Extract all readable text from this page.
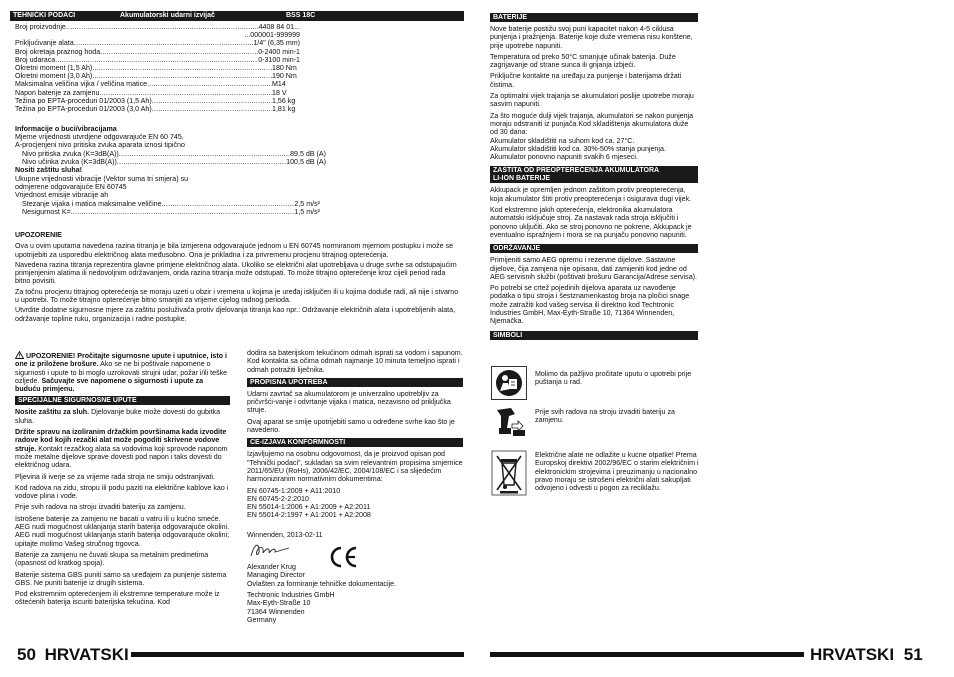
TEHNIČKI PODACI	Akumulatorski udarni izvijač	BSS 18C
Broj proizvodnje .....	4408 84 01...
...000001-999999
Prikljućivanje alata .....	1/4" (6,35 mm)
Broj okretaja praznog hoda .....	0-2400 min-1
Broj udaraca .....	0-3100 min-1
Okretni moment (1,5 Ah) .....	180 Nm
Okretni moment (3,0 Ah) .....	190 Nm
Maksimalna veličina vijka / veličina matice .....	M14
Napon baterije za zamjenu .....	18 V
Težina po EPTA-proceduri 01/2003 (1,5 Ah) .....	1,56 kg
Težina po EPTA-proceduri 01/2003 (3,0 Ah) .....	1,81 kg
Informacije o buci/vibracijama
Mjerne vrijednosti utvrdjene odgovarajuće EN 60 745.
A-procjenjeni nivo pritiska zvuka aparata iznosi tipično
Nivo pritiska zvuka (K=3dB(A)) .....	89,5 dB (A)
Nivo učinka zvuka (K=3dB(A)) .....	100,5 dB (A)
Nositi zaštitu sluha!
Ukupne vrijednosti vibracije (Vektor suma tri smjera) su
odmjerene odgovarajuće EN 60745
Vrijednost emisije vibracije ah
Stezanje vijaka i matica maksimalne veličine .....	2,5 m/s²
Nesigurnost K= .....	1,5 m/s²
UPOZORENIE
Ova u ovim uputama navedena razina titranja je bila izmjerena odgovarajuće jednom u EN 60745 normiranom mjernom postupku i može se upotrijebiti za usporedbu električnog alata međusobno. Ona je prikladna i za privremenu procjenu titrajnog opterećenja.
Navedena razina titranja reprezentira glavne primjene električnog alata. Ukoliko se električni alat upotrebljava u druge svrhe sa odstupajućim primjenjenim alatima ili nedovoljnim održavanjem, onda razina titranja može odstupati. To može titrajno opterećenje kroz cijeli period rada bitno povisiti.
Za točnu procjenu titrajnog opterećenja se moraju uzeti u obzir i vremena u kojima je uređaj isključen ili u kojima doduše radi, ali nije i stvarno u upotrebi. To može titrajno opterećenje bitno smanjiti za vrijeme cijelog radnog perioda.
Utvrdite dodatne sigurnosne mjere za zaštitu posluživača protiv djelovanja titranja kao npr.: Održavanje električnih alata i upotrebljenih alata, održavanje topline ruku, organizacija i radne postupke.
UPOZORENIE! Pročitajte sigurnosne upute i uputnice, isto i one iz priložene brošure. Ako se ne bi poštivale napomene o sigurnosti i upute to bi moglo uzrokovati strujni udar, požar i/ili teške ozljede. Sačuvajte sve napomene o sigurnosti i upute za buduću primjenu.
SPECIJALNE SIGURNOSNE UPUTE
Nosite zaštitu za sluh. Djelovanje buke može dovesti do gubitka sluha.
Držite spravu na izoliranim držačkim površinama kada izvodite radove kod kojih rezački alat može pogoditi skrivene vodove struje. Kontakt rezačkog alata sa vodovima koji sprovode naponom može metalne dijelove sprave dovesti pod napon i taks dovesti do električnog udara.
Pljevina ili iverje se za vrijeme rada stroja ne smiju odstranjivati.
Kod radova na zidu, stropu ili podu paziti na električne kablove kao i vodove plina i vode.
Prije svih radova na stroju izvaditi bateriju za zamjenu.
Istrošene baterije za zamjenu ne bacati u vatru ili u kućno smeće. AEG nudi mogućnost uklanjanja starih baterija odgovarajuće okolini. AEG nudi mogućnost uklanjanja starih baterija odgovarajuće okolini; upitajte molimo Vašeg stručnog trgovca.
Baterije za zamjenu ne čuvati skupa sa metalnim predmetima (opasnost od kratkog spoja).
Baterije sistema GBS puniti samo sa uređajem za punjenje sistema GBS. Ne puniti baterije iz drugih sistema.
Pod ekstremnim opterećenjem ili ekstremne temperature može iz oštećenih baterija iscuriti baterijska tekućina. Kod
dodira sa baterijskom tekućinom odmah isprati sa vodom i sapunom. Kod kontakta sa očima odmah najmanje 10 minuta temeljno isprati i odmah potražiti liječnika.
PROPISNA UPOTREBA
Udarni zavrtač sa akumulatorom je univerzalno upotrebljiv za pričvršći-vanje i odvrtanje vijaka i matica, nezavisno od priključka struje.
Ovaj aparat se smije upotrijebiti samo u određene svrhe kao što je navedeno.
CE-IZJAVA KONFORMNOSTI
Izjavljujemo na osobnu odgovornost, da je proizvod opisan pod "Tehnički podaci", sukladan sa svim relevantnim propisima smjernice 2011/65/EU (RoHs), 2006/42/EC, 2004/108/EC i sa slijedećim harmoniziranim normativnim dokumentima:
EN 60745-1:2009 + A11:2010
EN 60745-2-2:2010
EN 55014-1:2006 + A1:2009 + A2:2011
EN 55014-2:1997 + A1:2001 + A2:2008
Winnenden, 2013-02-11
Alexander Krug
Managing Director
Ovlašten za formiranje tehničke dokumentacije.
Techtronic Industries GmbH
Max-Eyth-Straße 10
71364 Winnenden
Germany
50 HRVATSKI
BATERIJE
Nove baterije postižu svoj puni kapacitet nakon 4-5 ciklusa punjenja i pražnjenja. Baterije koje duže vremena nisu konštene, prije upotrebe napuniti.
Temperatura od preko 50°C smanjuje učinak baterija. Duže zagrijavanje od strane sunca ili grijanja izbjeći.
Priključne kontakte na uređaju za punjenje i baterijama držati čistima.
Za optimalni vijek trajanja se akumulatori poslije upotrebe moraju sasvim napuniti.
Za što moguće dulji vijek trajanja, akumulatori se nakon punjenja moraju odstraniti iz punjača.Kod skladištenja akumulatora duže od 30 dana:
Akumulator skladištiti na suhom kod ca. 27°C.
Akumulator skladištiti kod ca. 30%-50% stanja punjenja.
Akumulator ponovno napuniti svakih 6 mjeseci.
ZAŠTITA OD PREOPTEREĆENJA AKUMULATORA
LI-ION BATERIJE
Akkupack je opremljen jednom zaštitom protiv preopterećenja, koja akumulator štiti protiv preopterećenja i osigurava dugi vijek.
Kod ekstremno jakih opterećenja, elektronika akumulatora automatski isključuje stroj. Za nastavak rada stroja isključiti i ponovno uključiti. Ako se stroj ponovno ne pokrene, Akkupack je eventualno ispražnjem i mora se na punjaču ponovno napuniti.
ODRŽAVANJE
Primijeniti samo AEG opremu i rezervne dijelove. Sastavne dijelove, čija zamjena nije opisana, dati zamijeniti kod jedne od AEG servisnih službi (poštivati brošuru Garancija/Adrese servisa).
Po potrebi se crtež pojedinih dijelova aparata uz navođenje podatka o tipu stroja i šestznamenkastog broja na pločici snage može zatražiti kod vašeg servisa ili direktno kod Techtronic Industries GmbH, Max-Eyth-Straße 10, 71364 Winnenden, Njemačka.
SIMBOLI
Molimo da pažljivo pročitate uputu o upotrebi prije puštanja u rad.
Prije svih radova na stroju izvaditi bateriju za zamjenu.
Električne alate ne odlažite u kucne otpatke! Prema Europskoj direktivi 2002/96/EC o starim električnim i elektronickim strojevima i preuzimanju u nacionalno pravo moraju se istrošeni električni alati sakupljati odvojeno i odvesti u pogon za reciklažu.
HRVATSKI 51
